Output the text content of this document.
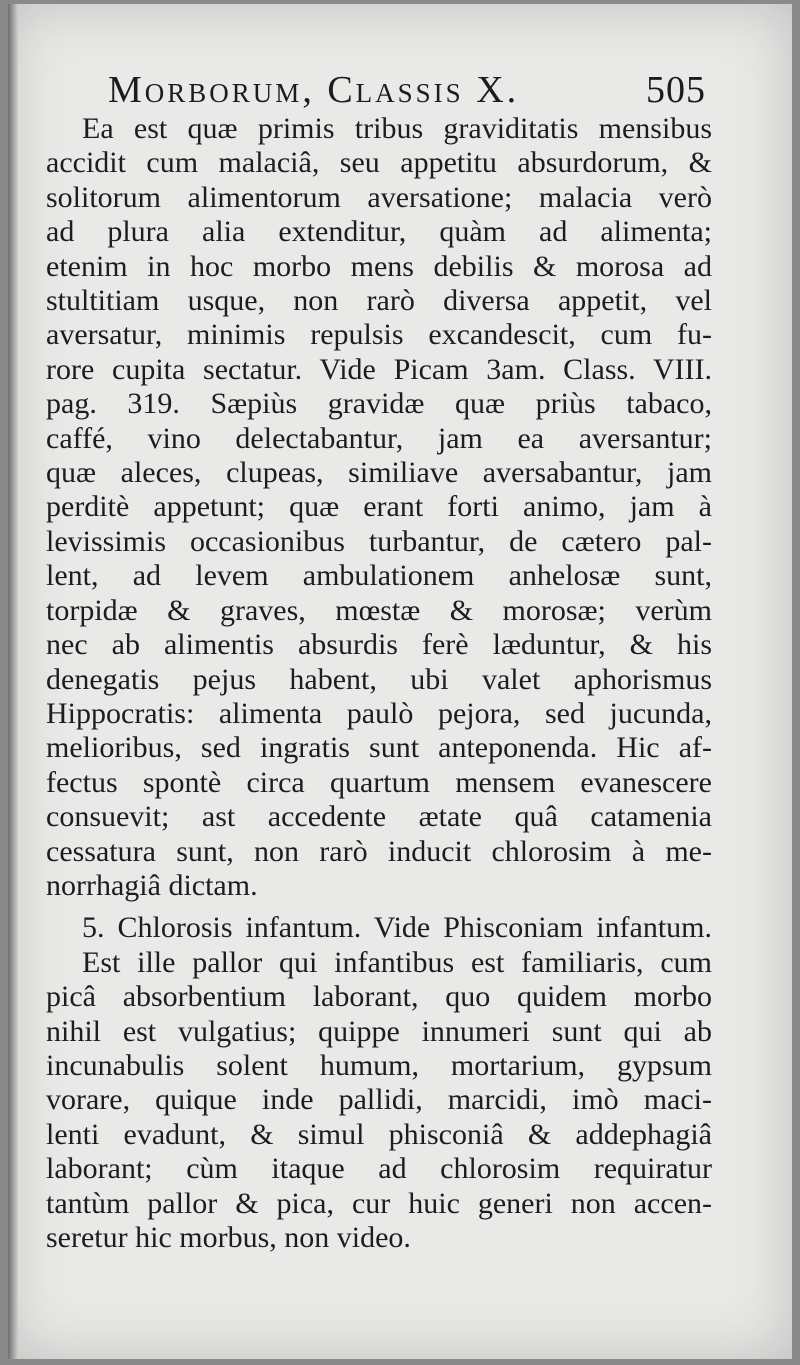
Morborum, Classis X.	505
Ea est quæ primis tribus graviditatis mensibus
accidit cum malaciâ, seu appetitu absurdorum, &
solitorum alimentorum aversatione; malacia verò
ad plura alia extenditur, quàm ad alimenta;
etenim in hoc morbo mens debilis & morosa ad
stultitiam usque, non rarò diversa appetit, vel
aversatur, minimis repulsis excandescit, cum fu-
rore cupita sectatur. Vide Picam 3am. Class. VIII.
pag. 319. Sæpiùs gravidæ quæ priùs tabaco,
caffé, vino delectabantur, jam ea aversantur;
quæ aleces, clupeas, similiave aversabantur, jam
perditè appetunt; quæ erant forti animo, jam à
levissimis occasionibus turbantur, de cætero pal-
lent, ad levem ambulationem anhelosæ sunt,
torpidæ & graves, mœstæ & morosæ; verùm
nec ab alimentis absurdis ferè læduntur, & his
denegatis pejus habent, ubi valet aphorismus
Hippocratis: alimenta paulò pejora, sed jucunda,
melioribus, sed ingratis sunt anteponenda. Hic af-
fectus spontè circa quartum mensem evanescere
consuevit; ast accedente ætate quâ catamenia
cessatura sunt, non rarò inducit chlorosim à me-
norrhagiâ dictam.
5. Chlorosis infantum. Vide Phisconiam infantum.
Est ille pallor qui infantibus est familiaris, cum
picâ absorbentium laborant, quo quidem morbo
nihil est vulgatius; quippe innumeri sunt qui ab
incunabulis solent humum, mortarium, gypsum
vorare, quique inde pallidi, marcidi, imò maci-
lenti evadunt, & simul phisconiâ & addephagiâ
laborant; cùm itaque ad chlorosim requiratur
tantùm pallor & pica, cur huic generi non accen-
seretur hic morbus, non video.
